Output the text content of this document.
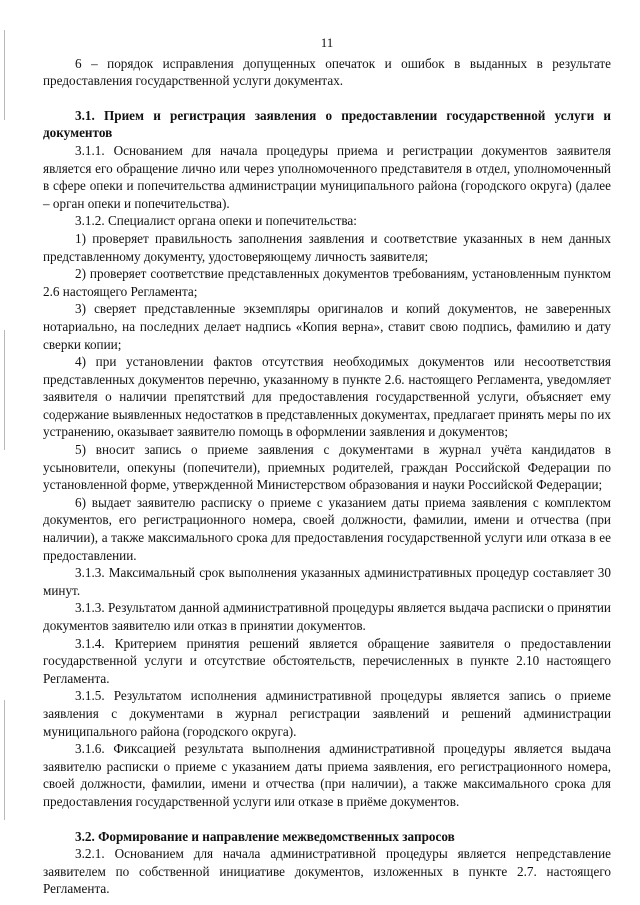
11

6 – порядок исправления допущенных опечаток и ошибок в выданных в результате предоставления государственной услуги документах.

3.1. Прием и регистрация заявления о предоставлении государственной услуги и документов

3.1.1. Основанием для начала процедуры приема и регистрации документов заявителя является его обращение лично или через уполномоченного представителя в отдел, уполномоченный в сфере опеки и попечительства администрации муниципального района (городского округа) (далее – орган опеки и попечительства).

3.1.2. Специалист органа опеки и попечительства:

1) проверяет правильность заполнения заявления и соответствие указанных в нем данных представленному документу, удостоверяющему личность заявителя;

2) проверяет соответствие представленных документов требованиям, установленным пунктом 2.6 настоящего Регламента;

3) сверяет представленные экземпляры оригиналов и копий документов, не заверенных нотариально, на последних делает надпись «Копия верна», ставит свою подпись, фамилию и дату сверки копии;

4) при установлении фактов отсутствия необходимых документов или несоответствия представленных документов перечню, указанному в пункте 2.6. настоящего Регламента, уведомляет заявителя о наличии препятствий для предоставления государственной услуги, объясняет ему содержание выявленных недостатков в представленных документах, предлагает принять меры по их устранению, оказывает заявителю помощь в оформлении заявления и документов;

5) вносит запись о приеме заявления с документами в журнал учёта кандидатов в усыновители, опекуны (попечители), приемных родителей, граждан Российской Федерации по установленной форме, утвержденной Министерством образования и науки Российской Федерации;

6) выдает заявителю расписку о приеме с указанием даты приема заявления с комплектом документов, его регистрационного номера, своей должности, фамилии, имени и отчества (при наличии), а также максимального срока для предоставления государственной услуги или отказа в ее предоставлении.

3.1.3. Максимальный срок выполнения указанных административных процедур составляет 30 минут.

3.1.3. Результатом данной административной процедуры является выдача расписки о принятии документов заявителю или отказ в принятии документов.

3.1.4. Критерием принятия решений является обращение заявителя о предоставлении государственной услуги и отсутствие обстоятельств, перечисленных в пункте 2.10 настоящего Регламента.

3.1.5. Результатом исполнения административной процедуры является запись о приеме заявления с документами в журнал регистрации заявлений и решений администрации муниципального района (городского округа).

3.1.6. Фиксацией результата выполнения административной процедуры является выдача заявителю расписки о приеме с указанием даты приема заявления, его регистрационного номера, своей должности, фамилии, имени и отчества (при наличии), а также максимального срока для предоставления государственной услуги или отказе в приёме документов.

3.2. Формирование и направление межведомственных запросов

3.2.1. Основанием для начала административной процедуры является непредставление заявителем по собственной инициативе документов, изложенных в пункте 2.7. настоящего Регламента.
